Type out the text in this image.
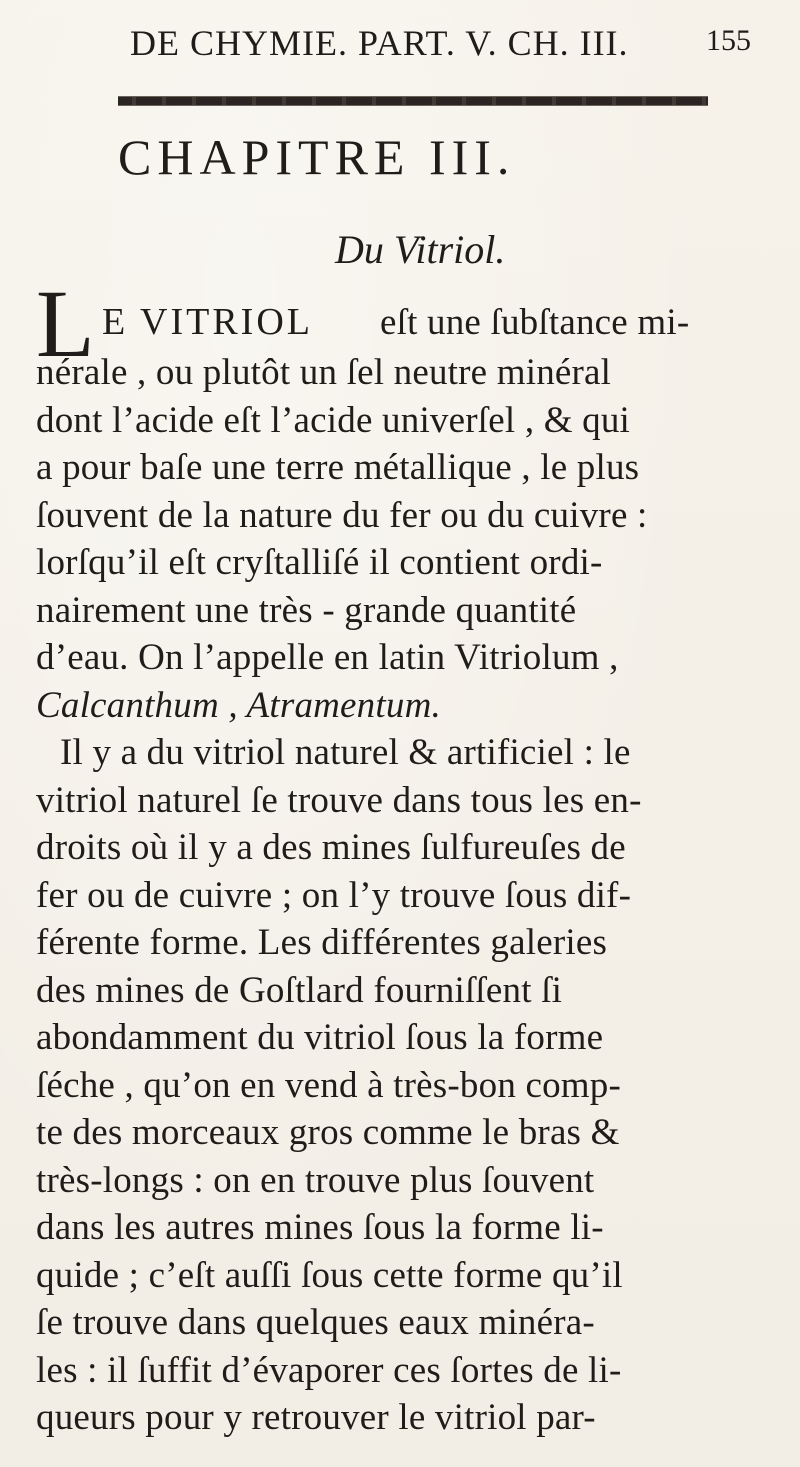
DE CHYMIE. PART. V. CH. III.	155
CHAPITRE III.
Du Vitriol.
L E VITRIOL eſt une ſubſtance mi-
nérale , ou plutôt un ſel neutre minéral
dont l’acide eſt l’acide univerſel , & qui
a pour baſe une terre métallique , le plus
ſouvent de la nature du fer ou du cuivre :
lorſqu’il eſt cryſtalliſé il contient ordi-
nairement une très - grande quantité
d’eau. On l’appelle en latin Vitriolum ,
Calcanthum , Atramentum.
Il y a du vitriol naturel & artificiel : le
vitriol naturel ſe trouve dans tous les en-
droits où il y a des mines ſulfureuſes de
fer ou de cuivre ; on l’y trouve ſous dif-
férente forme. Les différentes galeries
des mines de Goſtlard fourniſſent ſi
abondamment du vitriol ſous la forme
ſéche , qu’on en vend à très-bon comp-
te des morceaux gros comme le bras &
très-longs : on en trouve plus ſouvent
dans les autres mines ſous la forme li-
quide ; c’eſt auſſi ſous cette forme qu’il
ſe trouve dans quelques eaux minéra-
les : il ſuffit d’évaporer ces ſortes de li-
queurs pour y retrouver le vitriol par-
